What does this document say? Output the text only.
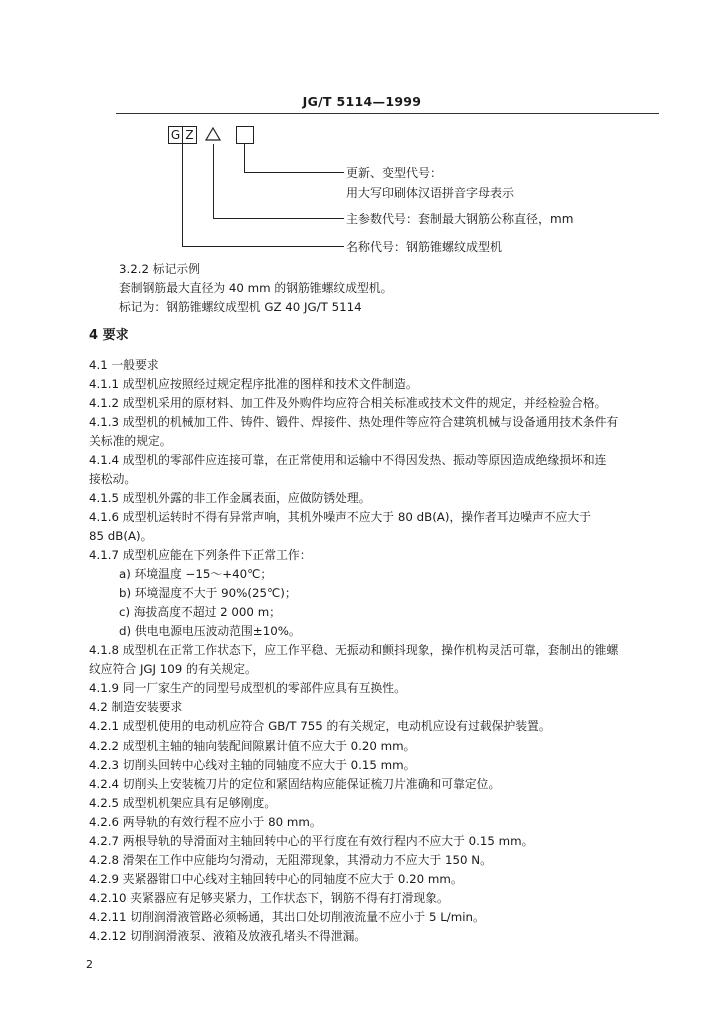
JG/T 5114—1999
G Z
更新、变型代号：
用大写印刷体汉语拼音字母表示
主参数代号：套制最大钢筋公称直径，mm
名称代号：钢筋锥螺纹成型机
3.2.2 标记示例
套制钢筋最大直径为 40 mm 的钢筋锥螺纹成型机。
标记为：钢筋锥螺纹成型机 GZ 40 JG/T 5114
4 要求
4.1 一般要求
4.1.1 成型机应按照经过规定程序批准的图样和技术文件制造。
4.1.2 成型机采用的原材料、加工件及外购件均应符合相关标准或技术文件的规定，并经检验合格。
4.1.3 成型机的机械加工件、铸件、锻件、焊接件、热处理件等应符合建筑机械与设备通用技术条件有
关标准的规定。
4.1.4 成型机的零部件应连接可靠，在正常使用和运输中不得因发热、振动等原因造成绝缘损坏和连
接松动。
4.1.5 成型机外露的非工作金属表面，应做防锈处理。
4.1.6 成型机运转时不得有异常声响，其机外噪声不应大于 80 dB(A)，操作者耳边噪声不应大于
85 dB(A)。
4.1.7 成型机应能在下列条件下正常工作：
a) 环境温度 −15～+40℃；
b) 环境湿度不大于 90%(25℃)；
c) 海拔高度不超过 2 000 m；
d) 供电电源电压波动范围±10%。
4.1.8 成型机在正常工作状态下，应工作平稳、无振动和颤抖现象，操作机构灵活可靠，套制出的锥螺
纹应符合 JGJ 109 的有关规定。
4.1.9 同一厂家生产的同型号成型机的零部件应具有互换性。
4.2 制造安装要求
4.2.1 成型机使用的电动机应符合 GB/T 755 的有关规定，电动机应设有过载保护装置。
4.2.2 成型机主轴的轴向装配间隙累计值不应大于 0.20 mm。
4.2.3 切削头回转中心线对主轴的同轴度不应大于 0.15 mm。
4.2.4 切削头上安装梳刀片的定位和紧固结构应能保证梳刀片准确和可靠定位。
4.2.5 成型机机架应具有足够刚度。
4.2.6 两导轨的有效行程不应小于 80 mm。
4.2.7 两根导轨的导滑面对主轴回转中心的平行度在有效行程内不应大于 0.15 mm。
4.2.8 滑架在工作中应能均匀滑动，无阻滞现象，其滑动力不应大于 150 N。
4.2.9 夹紧器钳口中心线对主轴回转中心的同轴度不应大于 0.20 mm。
4.2.10 夹紧器应有足够夹紧力，工作状态下，钢筋不得有打滑现象。
4.2.11 切削润滑液管路必须畅通，其出口处切削液流量不应小于 5 L/min。
4.2.12 切削润滑液泵、液箱及放液孔堵头不得泄漏。
2
